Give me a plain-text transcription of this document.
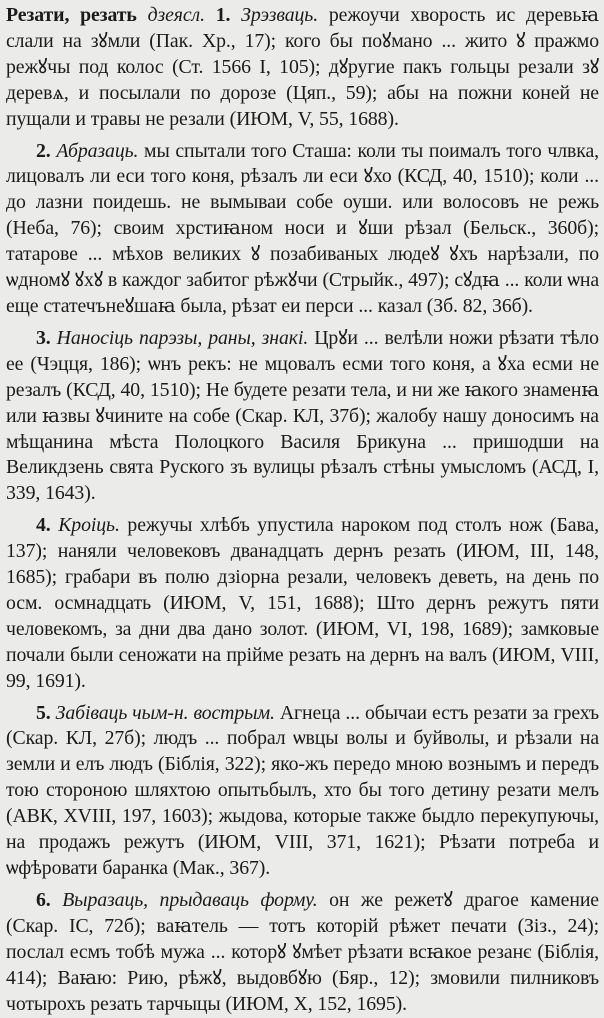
Резати, резать дзеясл. 1. Зрэзваць. режоучи хворость ис деревьꙗ слали на зꙋмли (Пак. Хр., 17); кого бы поꙋмано ... жито ꙋ пражмо режꙋчы под колос (Ст. 1566 I, 105); дꙋругие пакъ гольцы резали зꙋ деревѧ, и посылали по дорозе (Цяп., 59); абы на пожни коней не пущали и травы не резали (ИЮМ, V, 55, 1688).

2. Абразаць. мы спытали того Сташа: коли ты поималъ того члвка, лицовалъ ли еси того коня, рѣзалъ ли еси ꙋхо (КСД, 40, 1510); коли ... до лазни поидешь. не вымываи собе оуши. или волосовъ не режь (Неба, 76); своим хрстиꙗном носи и ꙋши рѣзал (Бельск., 360б); татарове ... мѣхов великих ꙋ позабиваных людеꙋ ꙋхъ нарѣзали, по ѡдномꙋ ꙋхꙋ в каждог забитог рѣжꙋчи (Стрыйк., 497); сꙋдꙗ ... коли ѡна еще статечънеꙋшаꙗ была, рѣзат еи перси ... казал (Зб. 82, 36б).

3. Наносіць парэзы, раны, знакі. Црꙋи ... велѣли ножи рѣзати тѣло ее (Чэцця, 186); ѡнъ рекъ: не мцовалъ есми того коня, а ꙋха есми не резалъ (КСД, 40, 1510); Не будете резати тела, и ни же ꙗкого знаменꙗ или ꙗзвы ꙋчините на собе (Скар. КЛ, 37б); жалобу нашу доносимъ на мѣщанина мѣста Полоцкого Василя Брикуна ... пришодши на Великдзень свята Руского зъ вулицы рѣзалъ стѣны умысломъ (АСД, I, 339, 1643).

4. Кроіць. режучы хлѣбъ упустила нароком под столъ нож (Бава, 137); наняли человековъ дванадцать дернъ резать (ИЮМ, III, 148, 1685); грабари въ полю дзіорна резали, человекъ деветь, на день по осм. осмнадцать (ИЮМ, V, 151, 1688); Што дернъ режутъ пяти человекомъ, за дни два дано золот. (ИЮМ, VI, 198, 1689); замковые почали были сеножати на прійме резать на дернъ на валъ (ИЮМ, VIII, 99, 1691).

5. Забіваць чым-н. вострым. Агнеца ... обычаи естъ резати за грехъ (Скар. КЛ, 27б); людъ ... побрал ѡвцы волы и буйволы, и рѣзали на земли и елъ людъ (Біблія, 322); яко-жъ передо мною вознымъ и передъ тою стороною шляхтою опытьбылъ, хто бы того детину резати мелъ (АВК, XVIII, 197, 1603); жыдова, которые также быдло перекупуючы, на продажъ режутъ (ИЮМ, VIII, 371, 1621); Рѣзати потреба и ѡфѣровати баранка (Мак., 367).

6. Выразаць, прыдаваць форму. он же режетꙋ драгое камение (Скар. IC, 72б); ваꙗтель — тотъ которій рѣжет печати (Зіз., 24); послал есмъ тобѣ мужа ... которꙋ ꙋмѣет рѣзати всꙗкое резанє (Біблія, 414); Ваꙗю: Рию, рѣжꙋ, выдовбꙋю (Бяр., 12); змовили пилниковъ чотырохъ резать тарчыцы (ИЮМ, X, 152, 1695).
